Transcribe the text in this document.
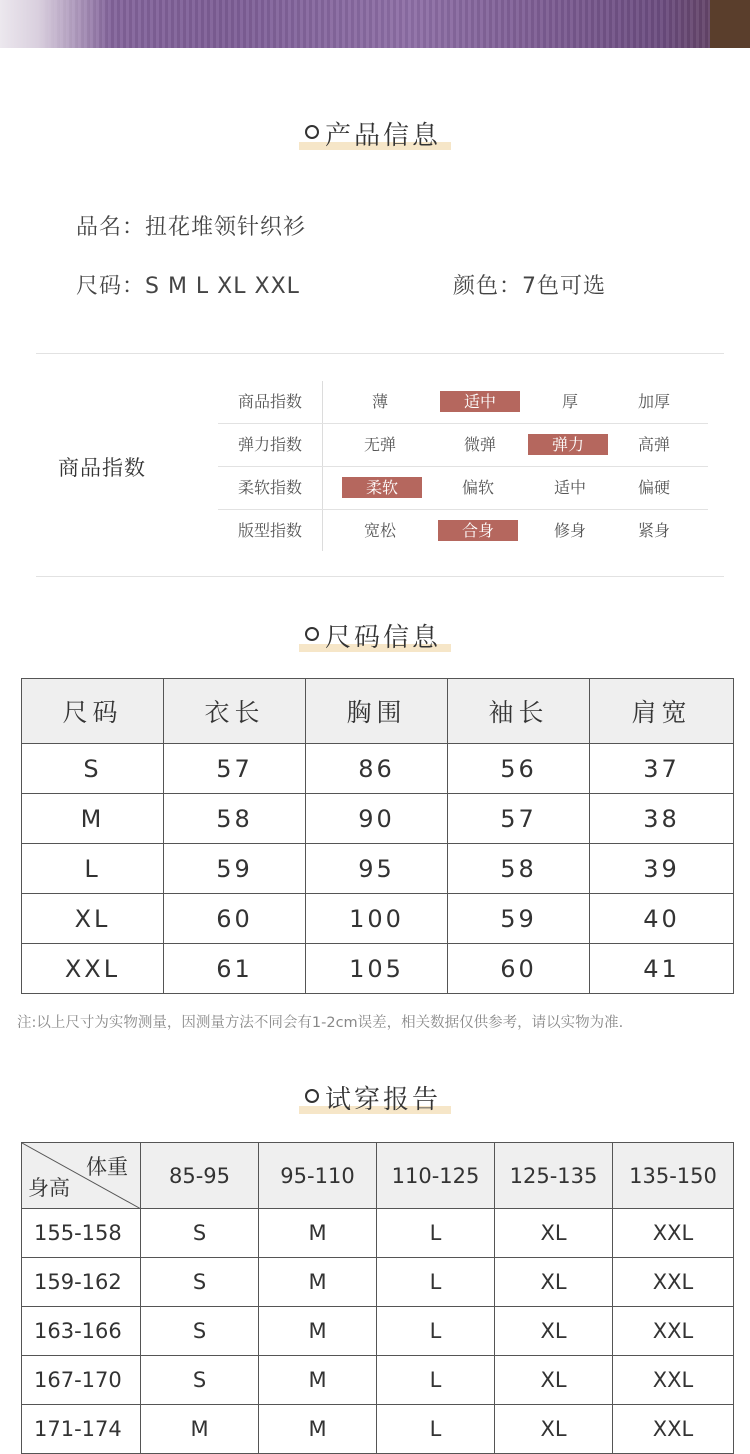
产品信息
品名：扭花堆领针织衫
尺码：S M L XL XXL	颜色：7色可选
商品指数
商品指数	薄	适中	厚	加厚
弹力指数	无弹	微弹	弹力	高弹
柔软指数	柔软	偏软	适中	偏硬
版型指数	宽松	合身	修身	紧身
尺码信息
尺码	衣长	胸围	袖长	肩宽
S	57	86	56	37
M	58	90	57	38
L	59	95	58	39
XL	60	100	59	40
XXL	61	105	60	41
注:以上尺寸为实物测量，因测量方法不同会有1-2cm误差，相关数据仅供参考，请以实物为准.
试穿报告
体重
身高	85-95	95-110	110-125	125-135	135-150
155-158	S	M	L	XL	XXL
159-162	S	M	L	XL	XXL
163-166	S	M	L	XL	XXL
167-170	S	M	L	XL	XXL
171-174	M	M	L	XL	XXL
